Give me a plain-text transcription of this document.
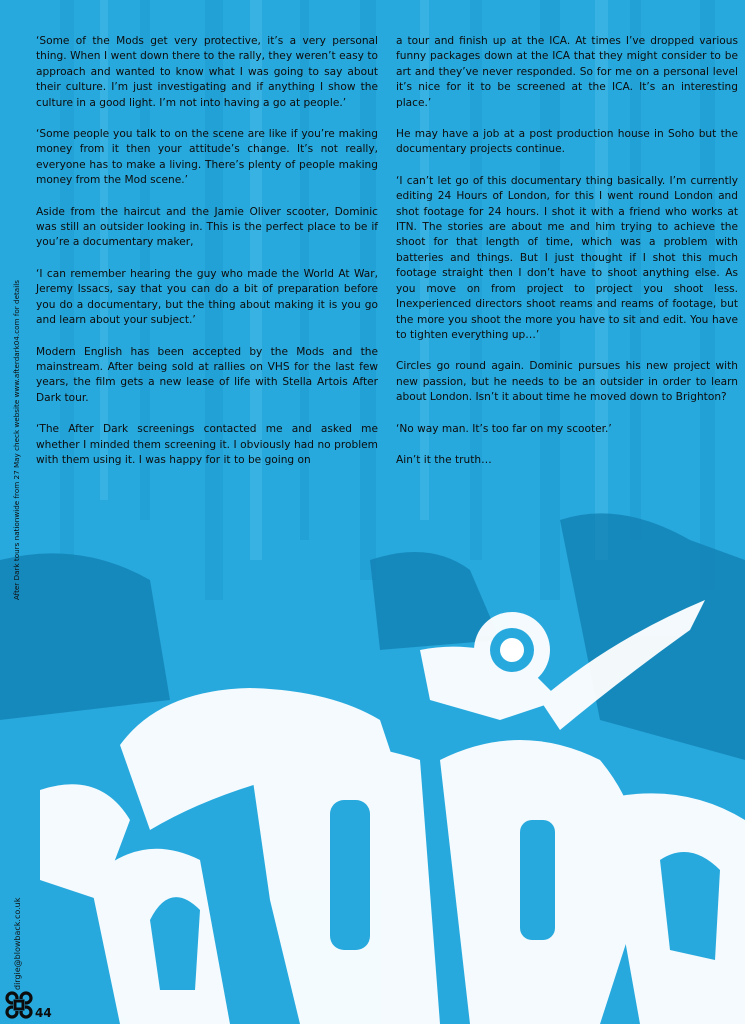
‘Some of the Mods get very protective, it’s a very personal thing. When I went down there to the rally, they weren’t easy to approach and wanted to know what I was going to say about their culture. I’m just investigating and if anything I show the culture in a good light. I’m not into having a go at people.’

‘Some people you talk to on the scene are like if you’re making money from it then your attitude’s change. It’s not really, everyone has to make a living. There’s plenty of people making money from the Mod scene.’

Aside from the haircut and the Jamie Oliver scooter, Dominic was still an outsider looking in. This is the perfect place to be if you’re a documentary maker,

‘I can remember hearing the guy who made the World At War, Jeremy Issacs, say that you can do a bit of preparation before you do a documentary, but the thing about making it is you go and learn about your subject.’

Modern English has been accepted by the Mods and the mainstream. After being sold at rallies on VHS for the last few years, the film gets a new lease of life with Stella Artois After Dark tour.

‘The After Dark screenings contacted me and asked me whether I minded them screening it. I obviously had no problem with them using it. I was happy for it to be going on

a tour and finish up at the ICA. At times I’ve dropped various funny packages down at the ICA that they might consider to be art and they’ve never responded. So for me on a personal level it’s nice for it to be screened at the ICA. It’s an interesting place.’

He may have a job at a post production house in Soho but the documentary projects continue.

‘I can’t let go of this documentary thing basically. I’m currently editing 24 Hours of London, for this I went round London and shot footage for 24 hours. I shot it with a friend who works at ITN. The stories are about me and him trying to achieve the shoot for that length of time, which was a problem with batteries and things. But I just thought if I shot this much footage straight then I don’t have to shoot anything else. As you move on from project to project you shoot less. Inexperienced directors shoot reams and reams of footage, but the more you shoot the more you have to sit and edit. You have to tighten everything up…’

Circles go round again. Dominic pursues his new project with new passion, but he needs to be an outsider in order to learn about London. Isn’t it about time he moved down to Brighton?

‘No way man. It’s too far on my scooter.’

Ain’t it the truth…

After Dark tours nationwide from 27 May check website www.afterdark04.com for details
dirgie@blowback.co.uk
44
